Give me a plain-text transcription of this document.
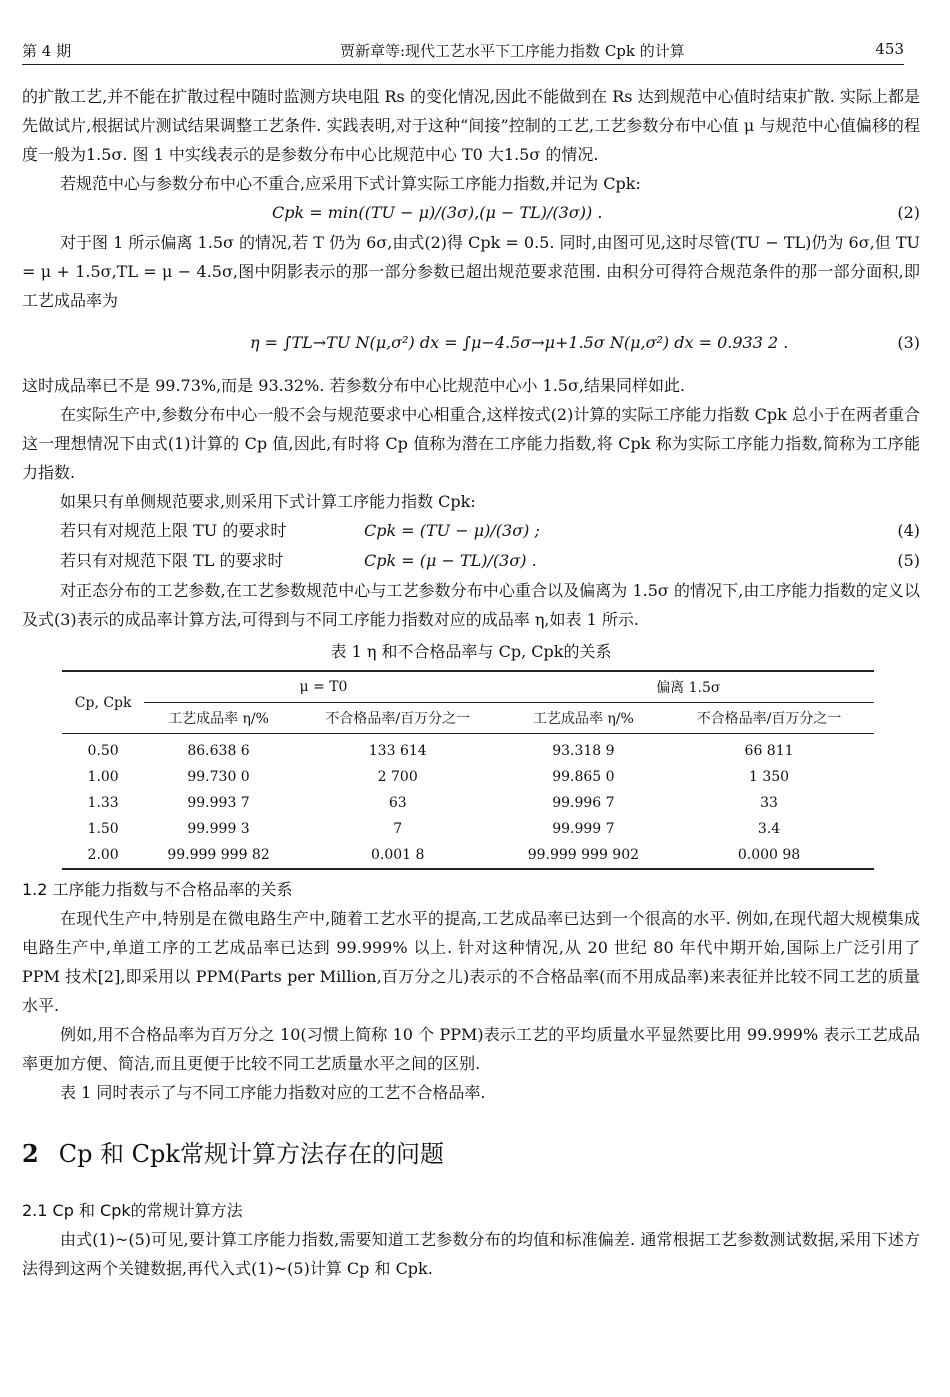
第 4 期	贾新章等:现代工艺水平下工序能力指数 Cpk 的计算	453

的扩散工艺,并不能在扩散过程中随时监测方块电阻 Rs 的变化情况,因此不能做到在 Rs 达到规范中心值时结束扩散. 实际上都是先做试片,根据试片测试结果调整工艺条件. 实践表明,对于这种“间接”控制的工艺,工艺参数分布中心值 μ 与规范中心值偏移的程度一般为1.5σ. 图 1 中实线表示的是参数分布中心比规范中心 T0 大1.5σ 的情况.

若规范中心与参数分布中心不重合,应采用下式计算实际工序能力指数,并记为 Cpk:

Cpk = min((TU − μ)/(3σ),(μ − TL)/(3σ)) .	(2)

对于图 1 所示偏离 1.5σ 的情况,若 T 仍为 6σ,由式(2)得 Cpk = 0.5. 同时,由图可见,这时尽管(TU − TL)仍为 6σ,但 TU = μ + 1.5σ,TL = μ − 4.5σ,图中阴影表示的那一部分参数已超出规范要求范围. 由积分可得符合规范条件的那一部分面积,即工艺成品率为

η = ∫TL→TU N(μ,σ²) dx = ∫μ−4.5σ→μ+1.5σ N(μ,σ²) dx = 0.933 2 .	(3)

这时成品率已不是 99.73%,而是 93.32%. 若参数分布中心比规范中心小 1.5σ,结果同样如此.

在实际生产中,参数分布中心一般不会与规范要求中心相重合,这样按式(2)计算的实际工序能力指数 Cpk 总小于在两者重合这一理想情况下由式(1)计算的 Cp 值,因此,有时将 Cp 值称为潜在工序能力指数,将 Cpk 称为实际工序能力指数,简称为工序能力指数.

如果只有单侧规范要求,则采用下式计算工序能力指数 Cpk:

若只有对规范上限 TU 的要求时	Cpk = (TU − μ)/(3σ) ;	(4)
若只有对规范下限 TL 的要求时	Cpk = (μ − TL)/(3σ) .	(5)

对正态分布的工艺参数,在工艺参数规范中心与工艺参数分布中心重合以及偏离为 1.5σ 的情况下,由工序能力指数的定义以及式(3)表示的成品率计算方法,可得到与不同工序能力指数对应的成品率 η,如表 1 所示.

表 1 η 和不合格品率与 Cp, Cpk的关系
Cp, Cpk	μ = T0		偏离 1.5σ	
	工艺成品率 η/%	不合格品率/百万分之一	工艺成品率 η/%	不合格品率/百万分之一
0.50	86.638 6	133 614	93.318 9	66 811
1.00	99.730 0	2 700	99.865 0	1 350
1.33	99.993 7	63	99.996 7	33
1.50	99.999 3	7	99.999 7	3.4
2.00	99.999 999 82	0.001 8	99.999 999 902	0.000 98
1.2 工序能力指数与不合格品率的关系

在现代生产中,特别是在微电路生产中,随着工艺水平的提高,工艺成品率已达到一个很高的水平. 例如,在现代超大规模集成电路生产中,单道工序的工艺成品率已达到 99.999% 以上. 针对这种情况,从 20 世纪 80 年代中期开始,国际上广泛引用了 PPM 技术[2],即采用以 PPM(Parts per Million,百万分之儿)表示的不合格品率(而不用成品率)来表征并比较不同工艺的质量水平.

例如,用不合格品率为百万分之 10(习惯上简称 10 个 PPM)表示工艺的平均质量水平显然要比用 99.999% 表示工艺成品率更加方便、简洁,而且更便于比较不同工艺质量水平之间的区别.

表 1 同时表示了与不同工序能力指数对应的工艺不合格品率.

2 Cp 和 Cpk常规计算方法存在的问题
2.1 Cp 和 Cpk的常规计算方法

由式(1)~(5)可见,要计算工序能力指数,需要知道工艺参数分布的均值和标准偏差. 通常根据工艺参数测试数据,采用下述方法得到这两个关键数据,再代入式(1)~(5)计算 Cp 和 Cpk.
